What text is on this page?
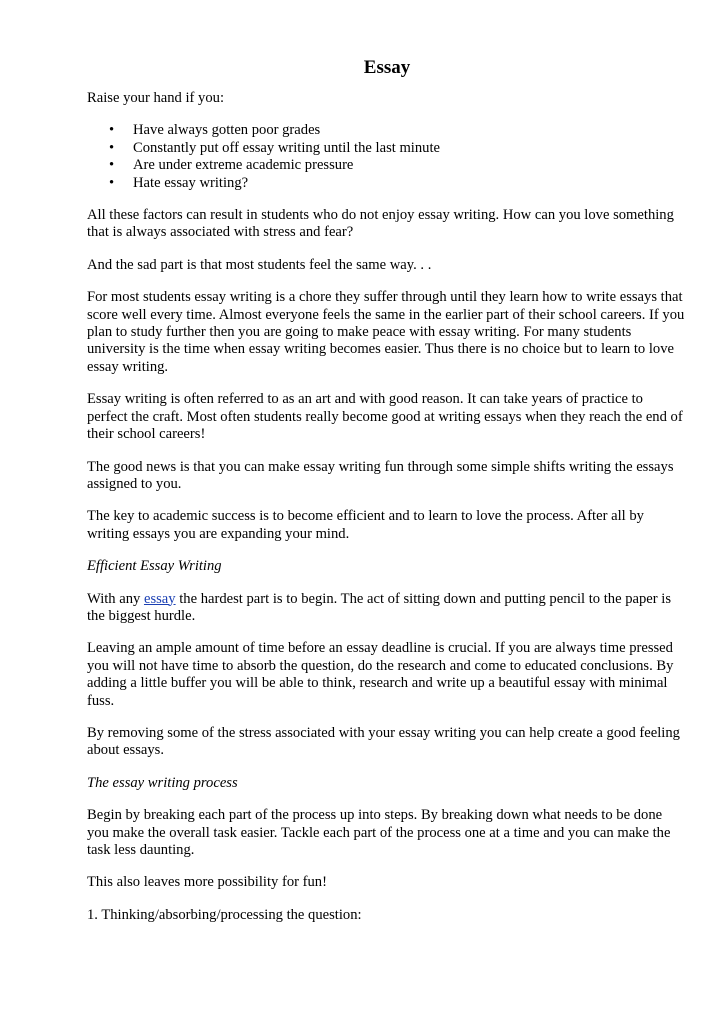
Essay

Raise your hand if you:

• Have always gotten poor grades
• Constantly put off essay writing until the last minute
• Are under extreme academic pressure
• Hate essay writing?

All these factors can result in students who do not enjoy essay writing. How can you love something that is always associated with stress and fear?

And the sad part is that most students feel the same way. . .

For most students essay writing is a chore they suffer through until they learn how to write essays that score well every time. Almost everyone feels the same in the earlier part of their school careers. If you plan to study further then you are going to make peace with essay writing. For many students university is the time when essay writing becomes easier. Thus there is no choice but to learn to love essay writing.

Essay writing is often referred to as an art and with good reason. It can take years of practice to perfect the craft. Most often students really become good at writing essays when they reach the end of their school careers!

The good news is that you can make essay writing fun through some simple shifts writing the essays assigned to you.

The key to academic success is to become efficient and to learn to love the process. After all by writing essays you are expanding your mind.

Efficient Essay Writing

With any essay the hardest part is to begin. The act of sitting down and putting pencil to the paper is the biggest hurdle.

Leaving an ample amount of time before an essay deadline is crucial. If you are always time pressed you will not have time to absorb the question, do the research and come to educated conclusions. By adding a little buffer you will be able to think, research and write up a beautiful essay with minimal fuss.

By removing some of the stress associated with your essay writing you can help create a good feeling about essays.

The essay writing process

Begin by breaking each part of the process up into steps. By breaking down what needs to be done you make the overall task easier. Tackle each part of the process one at a time and you can make the task less daunting.

This also leaves more possibility for fun!

1. Thinking/absorbing/processing the question:
